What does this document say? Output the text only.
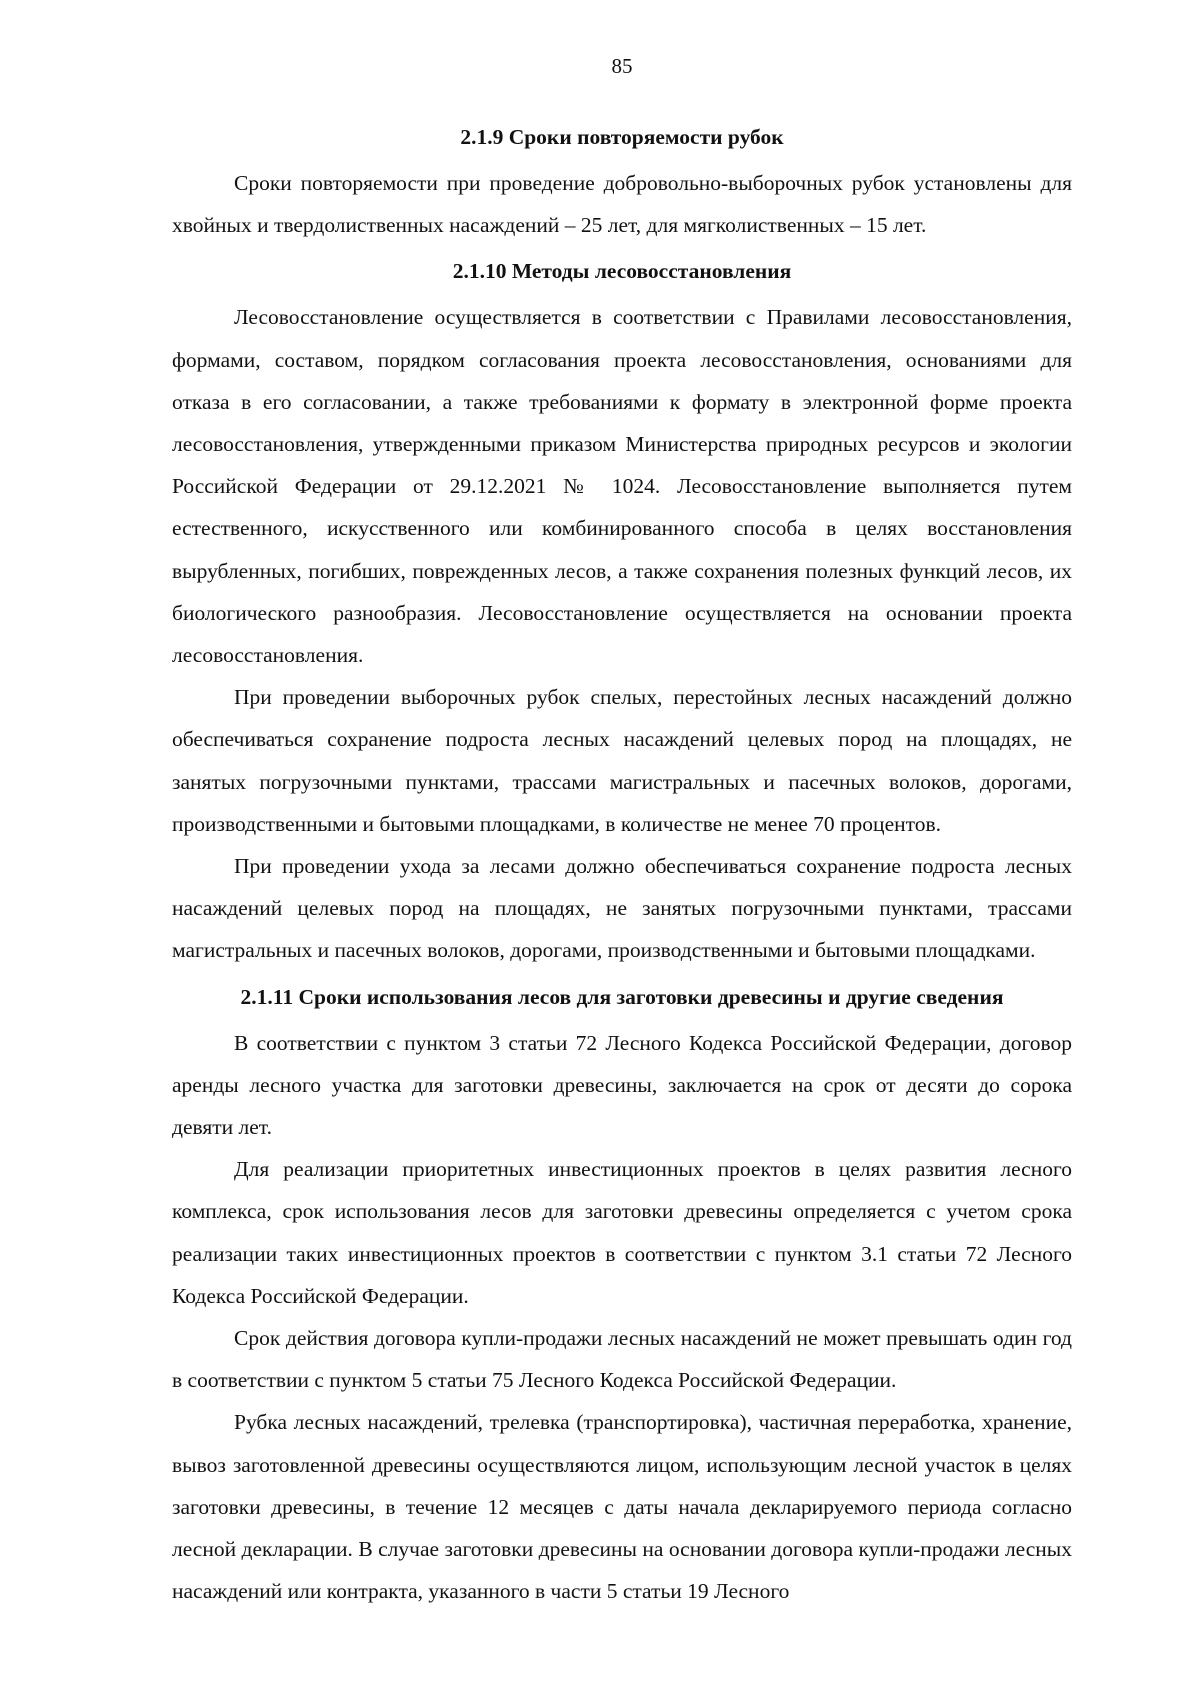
85
2.1.9 Сроки повторяемости рубок

Сроки повторяемости при проведение добровольно-выборочных рубок установлены для хвойных и твердолиственных насаждений – 25 лет, для мягколиственных – 15 лет.

2.1.10 Методы лесовосстановления

Лесовосстановление осуществляется в соответствии с Правилами лесовосстановления, формами, составом, порядком согласования проекта лесовосстановления, основаниями для отказа в его согласовании, а также требованиями к формату в электронной форме проекта лесовосстановления, утвержденными приказом Министерства природных ресурсов и экологии Российской Федерации от 29.12.2021 № 1024. Лесовосстановление выполняется путем естественного, искусственного или комбинированного способа в целях восстановления вырубленных, погибших, поврежденных лесов, а также сохранения полезных функций лесов, их биологического разнообразия. Лесовосстановление осуществляется на основании проекта лесовосстановления.

При проведении выборочных рубок спелых, перестойных лесных насаждений должно обеспечиваться сохранение подроста лесных насаждений целевых пород на площадях, не занятых погрузочными пунктами, трассами магистральных и пасечных волоков, дорогами, производственными и бытовыми площадками, в количестве не менее 70 процентов.

При проведении ухода за лесами должно обеспечиваться сохранение подроста лесных насаждений целевых пород на площадях, не занятых погрузочными пунктами, трассами магистральных и пасечных волоков, дорогами, производственными и бытовыми площадками.

2.1.11 Сроки использования лесов для заготовки древесины и другие сведения

В соответствии с пунктом 3 статьи 72 Лесного Кодекса Российской Федерации, договор аренды лесного участка для заготовки древесины, заключается на срок от десяти до сорока девяти лет.

Для реализации приоритетных инвестиционных проектов в целях развития лесного комплекса, срок использования лесов для заготовки древесины определяется с учетом срока реализации таких инвестиционных проектов в соответствии с пунктом 3.1 статьи 72 Лесного Кодекса Российской Федерации.

Срок действия договора купли-продажи лесных насаждений не может превышать один год в соответствии с пунктом 5 статьи 75 Лесного Кодекса Российской Федерации.

Рубка лесных насаждений, трелевка (транспортировка), частичная переработка, хранение, вывоз заготовленной древесины осуществляются лицом, использующим лесной участок в целях заготовки древесины, в течение 12 месяцев с даты начала декларируемого периода согласно лесной декларации. В случае заготовки древесины на основании договора купли-продажи лесных насаждений или контракта, указанного в части 5 статьи 19 Лесного
